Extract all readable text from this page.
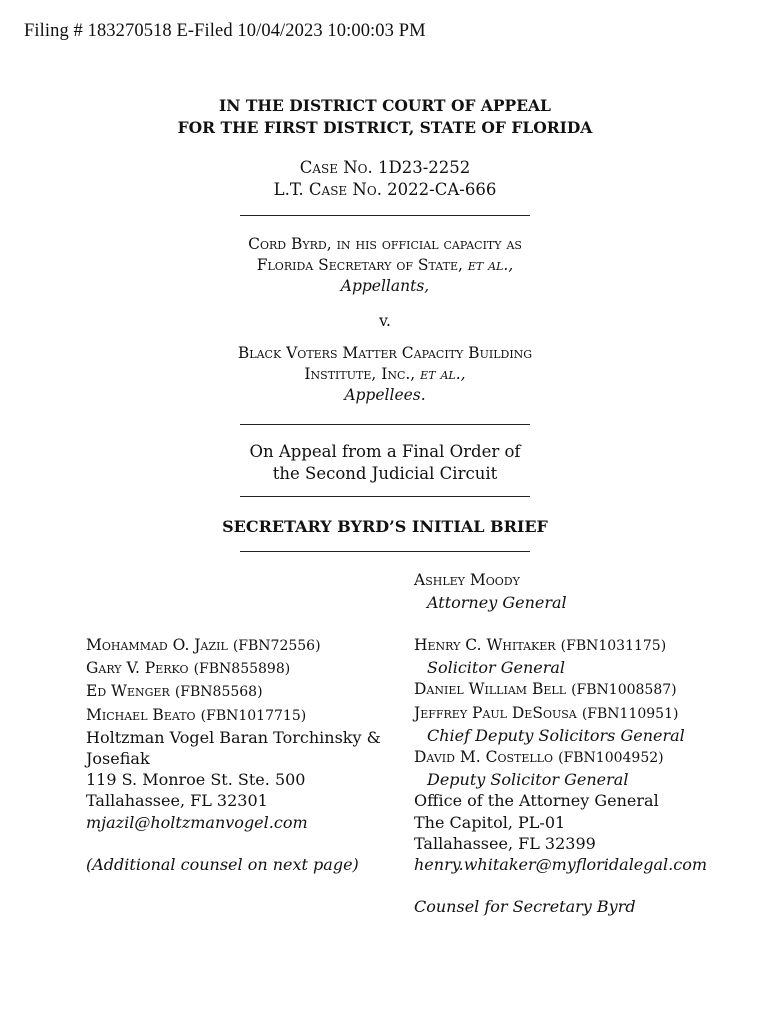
Filing # 183270518 E-Filed 10/04/2023 10:00:03 PM
IN THE DISTRICT COURT OF APPEAL
FOR THE FIRST DISTRICT, STATE OF FLORIDA
Case No. 1D23-2252
L.T. Case No. 2022-CA-666
Cord Byrd, in his official capacity as
Florida Secretary of State, et al.,
Appellants,
v.
Black Voters Matter Capacity Building
Institute, Inc., et al.,
Appellees.
On Appeal from a Final Order of
the Second Judicial Circuit
SECRETARY BYRD’S INITIAL BRIEF
Ashley Moody
Attorney General
Mohammad O. Jazil (FBN72556)
Gary V. Perko (FBN855898)
Ed Wenger (FBN85568)
Michael Beato (FBN1017715)
Holtzman Vogel Baran Torchinsky &
Josefiak
119 S. Monroe St. Ste. 500
Tallahassee, FL 32301
mjazil@holtzmanvogel.com
(Additional counsel on next page)
Henry C. Whitaker (FBN1031175)
Solicitor General
Daniel William Bell (FBN1008587)
Jeffrey Paul DeSousa (FBN110951)
Chief Deputy Solicitors General
David M. Costello (FBN1004952)
Deputy Solicitor General
Office of the Attorney General
The Capitol, PL-01
Tallahassee, FL 32399
henry.whitaker@myfloridalegal.com
Counsel for Secretary Byrd
